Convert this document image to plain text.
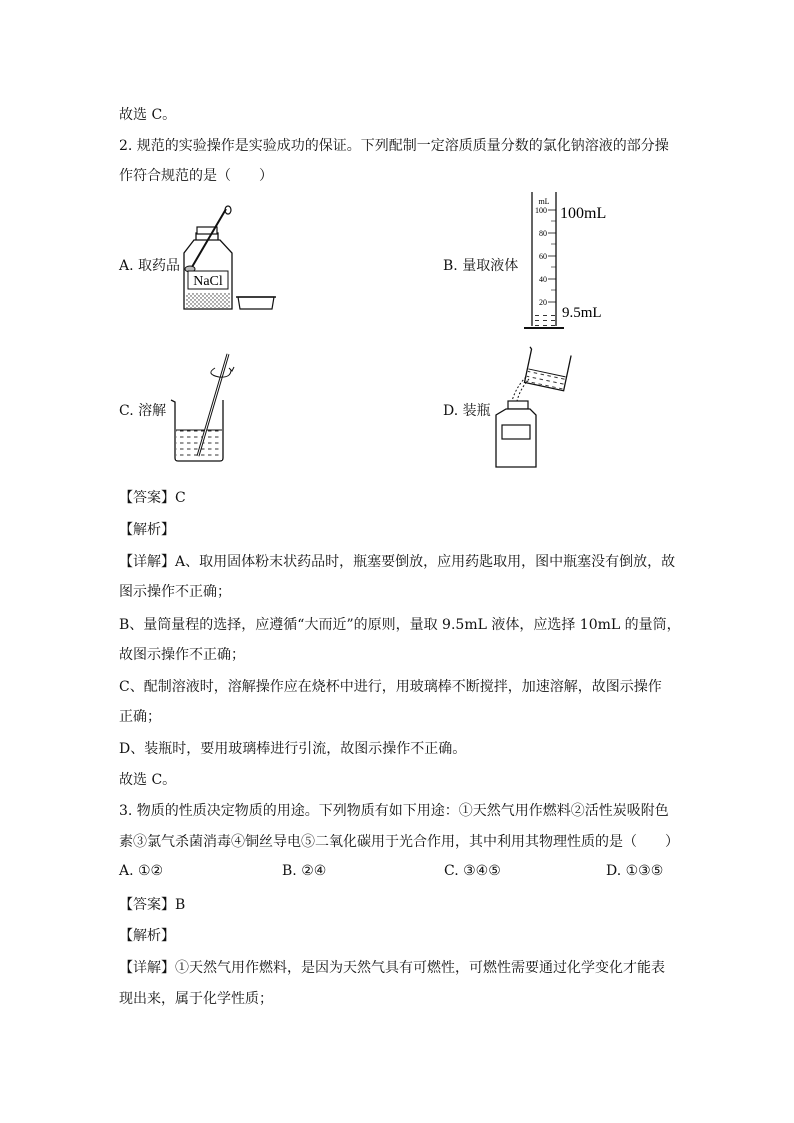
故选 C。
2. 规范的实验操作是实验成功的保证。下列配制一定溶质质量分数的氯化钠溶液的部分操
作符合规范的是（　　）
A. 取药品
NaCl
B. 量取液体
mL
100
80
60
40
20
100mL
9.5mL
C. 溶解	D. 装瓶
【答案】C
【解析】
【详解】A、取用固体粉末状药品时，瓶塞要倒放，应用药匙取用，图中瓶塞没有倒放，故
图示操作不正确；
B、量筒量程的选择，应遵循“大而近”的原则，量取 9.5mL 液体，应选择 10mL 的量筒，
故图示操作不正确；
C、配制溶液时，溶解操作应在烧杯中进行，用玻璃棒不断搅拌，加速溶解，故图示操作
正确；
D、装瓶时，要用玻璃棒进行引流，故图示操作不正确。
故选 C。
3. 物质的性质决定物质的用途。下列物质有如下用途：①天然气用作燃料②活性炭吸附色
素③氯气杀菌消毒④铜丝导电⑤二氧化碳用于光合作用，其中利用其物理性质的是（　　）
A. ①②	B. ②④	C. ③④⑤	D. ①③⑤
【答案】B
【解析】
【详解】①天然气用作燃料，是因为天然气具有可燃性，可燃性需要通过化学变化才能表
现出来，属于化学性质；
